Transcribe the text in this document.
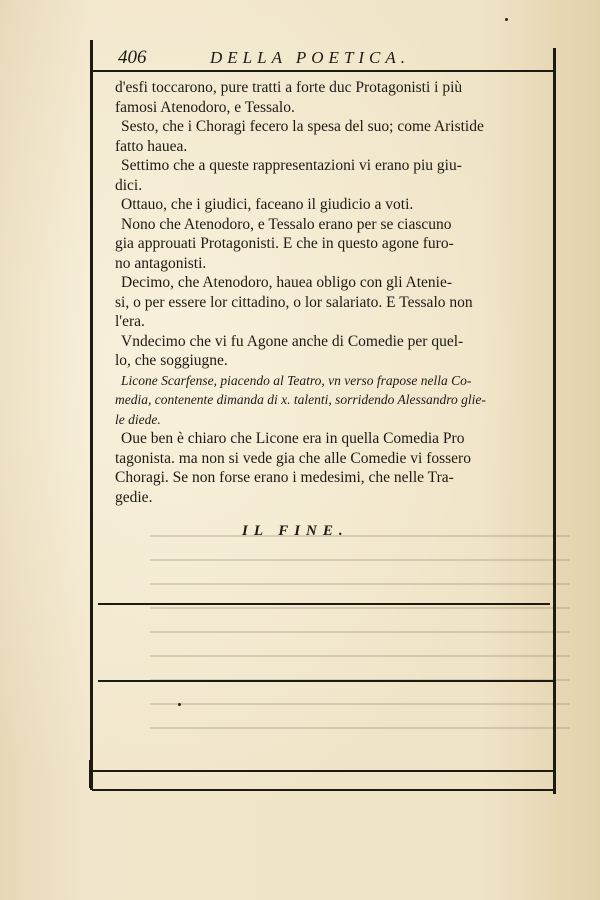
406	DELLA POETICA.
d'esfi toccarono, pure tratti a forte duc Protagonisti i più
famosi Atenodoro, e Tessalo.
Sesto, che i Choragi fecero la spesa del suo; come Aristide
fatto hauea.
Settimo che a queste rappresentazioni vi erano piu giu-
dici.
Ottauo, che i giudici, faceano il giudicio a voti.
Nono che Atenodoro, e Tessalo erano per se ciascuno
gia approuati Protagonisti. E che in questo agone furo-
no antagonisti.
Decimo, che Atenodoro, hauea obligo con gli Atenie-
si, o per essere lor cittadino, o lor salariato. E Tessalo non
l'era.
Vndecimo che vi fu Agone anche di Comedie per quel-
lo, che soggiugne.
Licone Scarfense, piacendo al Teatro, vn verso frapose nella Co-
media, contenente dimanda di x. talenti, sorridendo Alessandro glie-
le diede.
Oue ben è chiaro che Licone era in quella Comedia Pro
tagonista. ma non si vede gia che alle Comedie vi fossero
Choragi. Se non forse erano i medesimi, che nelle Tra-
gedie.
IL FINE.
